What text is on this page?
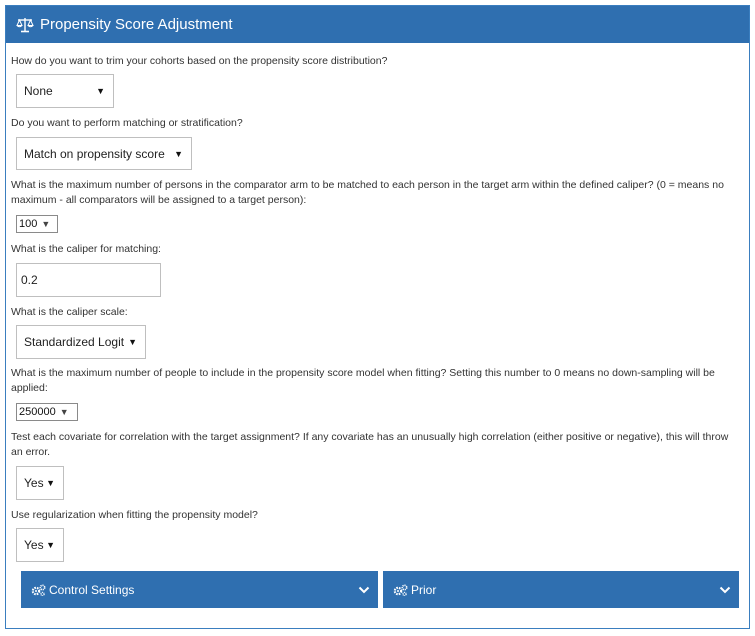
Propensity Score Adjustment
How do you want to trim your cohorts based on the propensity score distribution?
None	▼
Do you want to perform matching or stratification?
Match on propensity score ▼
What is the maximum number of persons in the comparator arm to be matched to each person in the target arm within the defined caliper? (0 = means no maximum - all comparators will be assigned to a target person):
100 ▼
What is the caliper for matching:
0.2
What is the caliper scale:
Standardized Logit ▼
What is the maximum number of people to include in the propensity score model when fitting? Setting this number to 0 means no down-sampling will be applied:
250000 ▼
Test each covariate for correlation with the target assignment? If any covariate has an unusually high correlation (either positive or negative), this will throw an error.
Yes ▼
Use regularization when fitting the propensity model?
Yes ▼
Control Settings	Prior
